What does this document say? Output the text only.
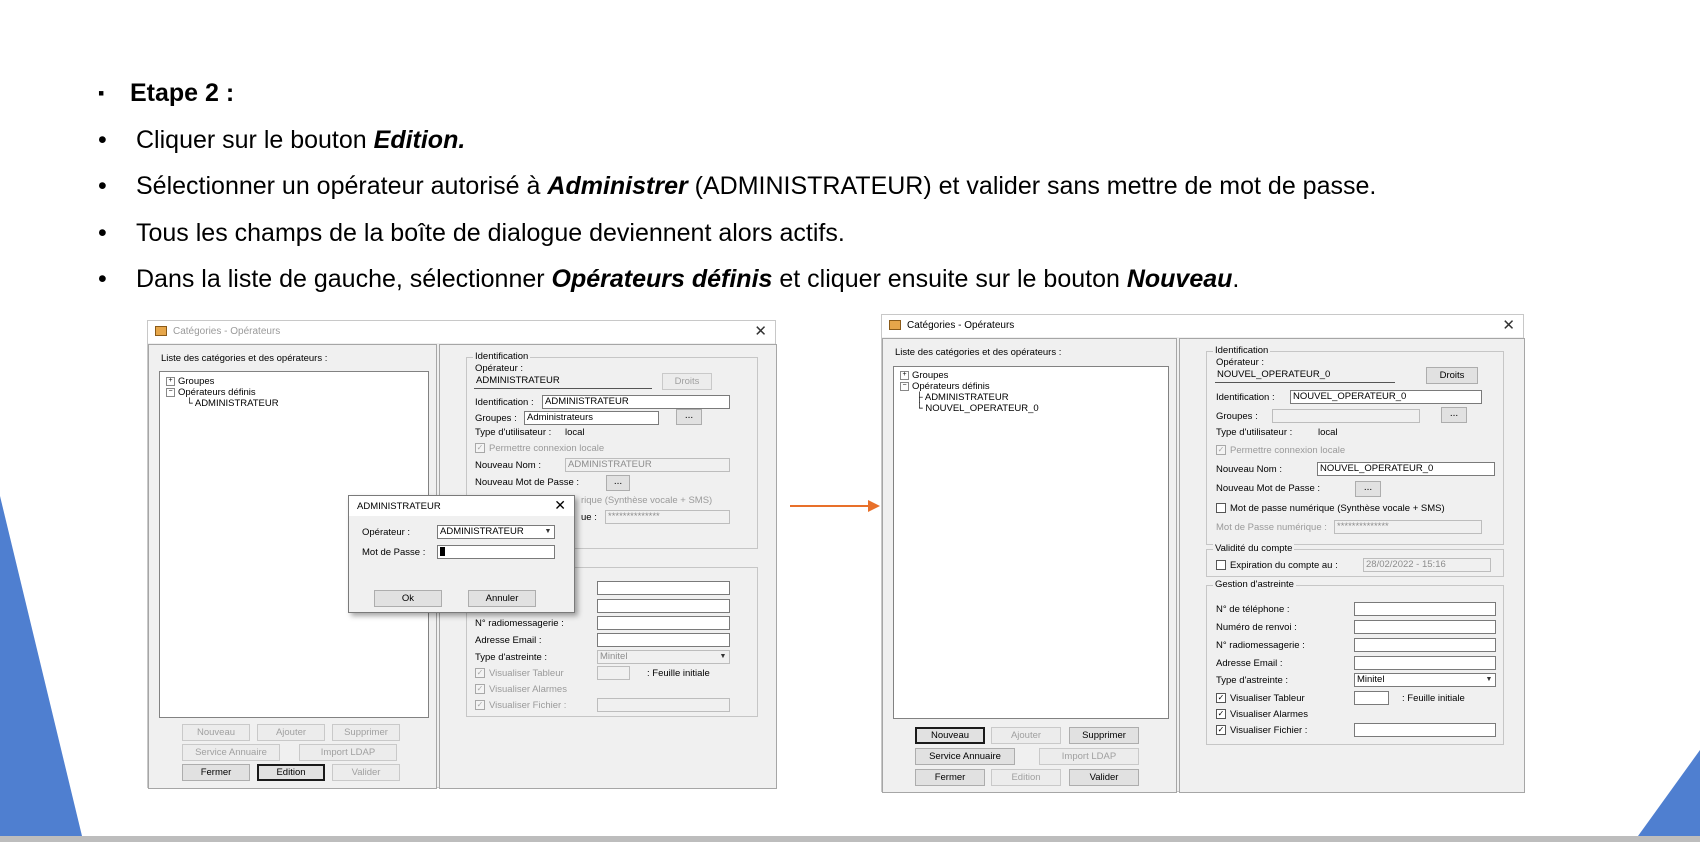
▪ Etape 2 :
• Cliquer sur le bouton Edition.
• Sélectionner un opérateur autorisé à Administrer (ADMINISTRATEUR) et valider sans mettre de mot de passe.
• Tous les champs de la boîte de dialogue deviennent alors actifs.
• Dans la liste de gauche, sélectionner Opérateurs définis et cliquer ensuite sur le bouton Nouveau.
Catégories - Opérateurs	✕
Liste des catégories et des opérateurs :
+ Groupes
− Opérateurs définis
└ ADMINISTRATEUR
Nouveau	Ajouter	Supprimer
Service Annuaire	Import LDAP
Fermer	Edition	Valider
Identification
Opérateur :
ADMINISTRATEUR	Droits
Identification :	ADMINISTRATEUR
Groupes :	Administrateurs	...
Type d'utilisateur : local
✓ Permettre connexion locale
Nouveau Nom :	ADMINISTRATEUR
Nouveau Mot de Passe :	...
rique (Synthèse vocale + SMS)
ue :	**************
N° radiomessagerie :
Adresse Email :
Type d'astreinte :	Minitel	▼
✓ Visualiser Tableur	: Feuille initiale
✓ Visualiser Alarmes
✓ Visualiser Fichier :
ADMINISTRATEUR	✕
Opérateur :	ADMINISTRATEUR	▼
Mot de Passe :
Ok	Annuler
Catégories - Opérateurs	✕
Liste des catégories et des opérateurs :
+ Groupes
− Opérateurs définis
├ ADMINISTRATEUR
└ NOUVEL_OPERATEUR_0
Nouveau	Ajouter	Supprimer
Service Annuaire	Import LDAP
Fermer	Edition	Valider
Identification
Opérateur :
NOUVEL_OPERATEUR_0	Droits
Identification :	NOUVEL_OPERATEUR_0
Groupes :	...
Type d'utilisateur :	local
✓ Permettre connexion locale
Nouveau Nom :	NOUVEL_OPERATEUR_0
Nouveau Mot de Passe :	...
Mot de passe numérique (Synthèse vocale + SMS)
Mot de Passe numérique :	**************
Validité du compte
Expiration du compte au :	28/02/2022 - 15:16
Gestion d'astreinte
N° de téléphone :
Numéro de renvoi :
N° radiomessagerie :
Adresse Email :
Type d'astreinte :	Minitel	▼
✓ Visualiser Tableur	: Feuille initiale
✓ Visualiser Alarmes
✓ Visualiser Fichier :
